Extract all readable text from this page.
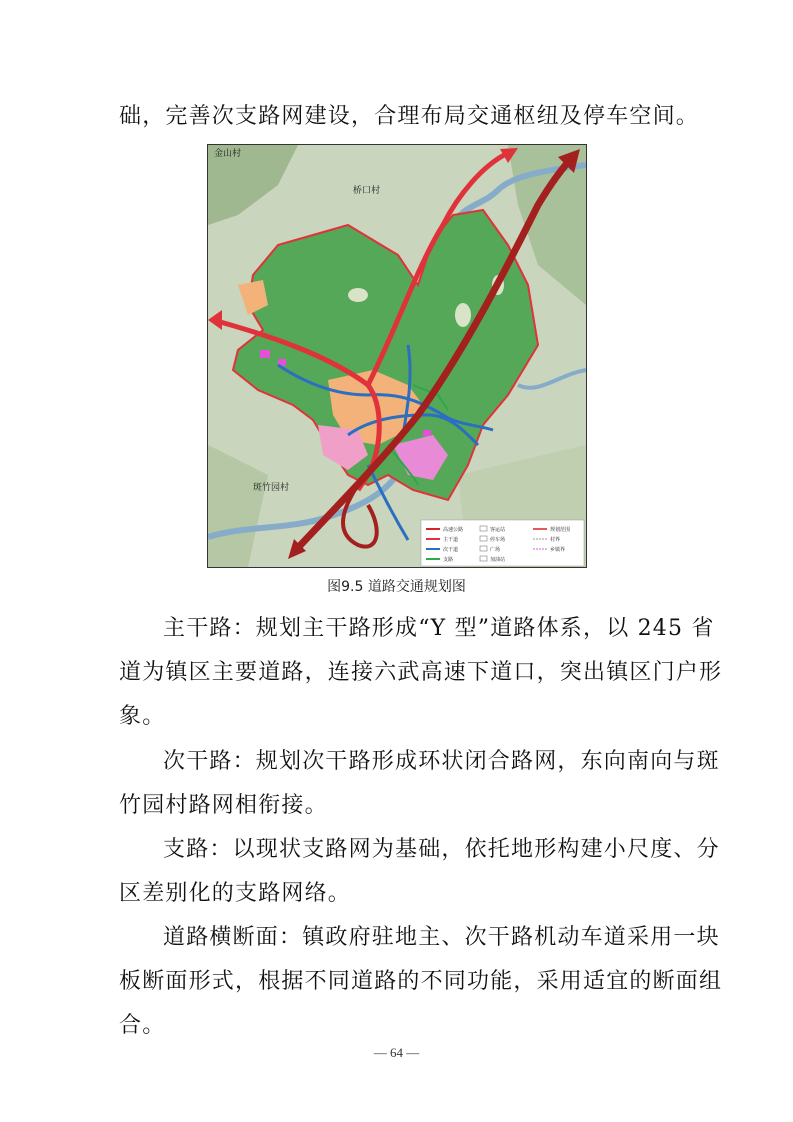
础，完善次支路网建设，合理布局交通枢纽及停车空间。
金山村
桥口村
斑竹园村
高速公路
主干道
次干道
支路
客运站
停车场
广场
加油站
规划范围
村界
乡镇界
图9.5 道路交通规划图
主干路：规划主干路形成“Y 型”道路体系，以 245 省
道为镇区主要道路，连接六武高速下道口，突出镇区门户形
象。
次干路：规划次干路形成环状闭合路网，东向南向与斑
竹园村路网相衔接。
支路：以现状支路网为基础，依托地形构建小尺度、分
区差别化的支路网络。
道路横断面：镇政府驻地主、次干路机动车道采用一块
板断面形式，根据不同道路的不同功能，采用适宜的断面组
合。
— 64 —
